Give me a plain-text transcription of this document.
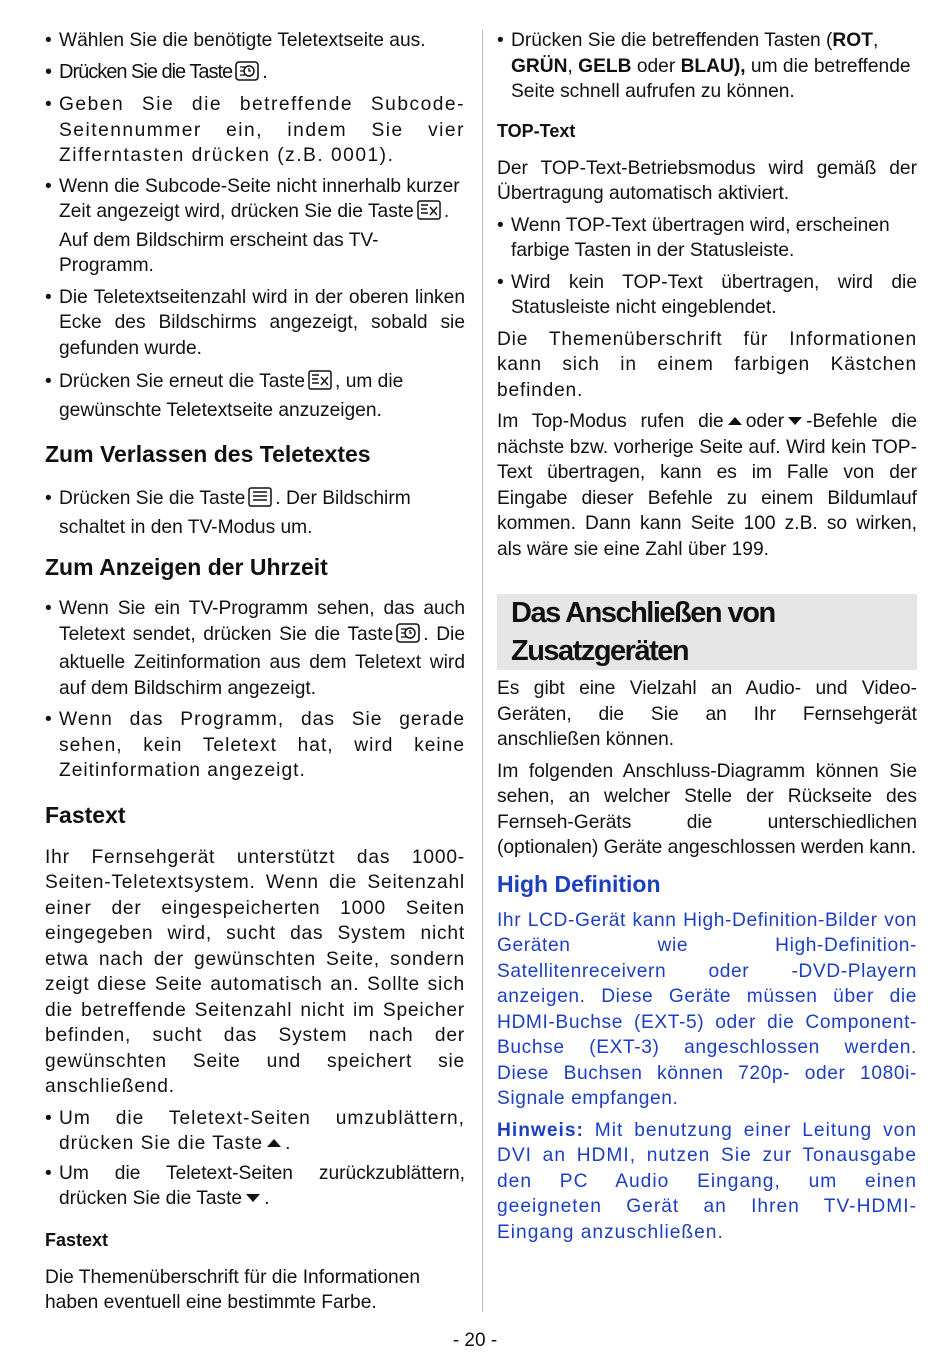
• Wählen Sie die benötigte Teletextseite aus.
• Drücken Sie die Taste .
• Geben Sie die betreffende Subcode-Seitennummer ein, indem Sie vier Zifferntasten drücken (z.B. 0001).
• Wenn die Subcode-Seite nicht innerhalb kurzer Zeit angezeigt wird, drücken Sie die Taste . Auf dem Bildschirm erscheint das TV-Programm.
• Die Teletextseitenzahl wird in der oberen linken Ecke des Bildschirms angezeigt, sobald sie gefunden wurde.
• Drücken Sie erneut die Taste , um die gewünschte Teletextseite anzuzeigen.
Zum Verlassen des Teletextes
• Drücken Sie die Taste . Der Bildschirm schaltet in den TV-Modus um.
Zum Anzeigen der Uhrzeit
• Wenn Sie ein TV-Programm sehen, das auch Teletext sendet, drücken Sie die Taste . Die aktuelle Zeitinformation aus dem Teletext wird auf dem Bildschirm angezeigt.
• Wenn das Programm, das Sie gerade sehen, kein Teletext hat, wird keine Zeitinformation angezeigt.
Fastext

Ihr Fernsehgerät unterstützt das 1000-Seiten-Teletextsystem. Wenn die Seitenzahl einer der eingespeicherten 1000 Seiten eingegeben wird, sucht das System nicht etwa nach der gewünschten Seite, sondern zeigt diese Seite automatisch an. Sollte sich die betreffende Seitenzahl nicht im Speicher befinden, sucht das System nach der gewünschten Seite und speichert sie anschließend.

• Um die Teletext-Seiten umzublättern, drücken Sie die Taste .
• Um die Teletext-Seiten zurückzublättern, drücken Sie die Taste .
Fastext

Die Themenüberschrift für die Informationen haben eventuell eine bestimmte Farbe.

• Drücken Sie die betreffenden Tasten (ROT, GRÜN, GELB oder BLAU), um die betreffende Seite schnell aufrufen zu können.
TOP-Text

Der TOP-Text-Betriebsmodus wird gemäß der Übertragung automatisch aktiviert.

• Wenn TOP-Text übertragen wird, erscheinen farbige Tasten in der Statusleiste.
• Wird kein TOP-Text übertragen, wird die Statusleiste nicht eingeblendet.

Die Themenüberschrift für Informationen kann sich in einem farbigen Kästchen befinden.

Im Top-Modus rufen die oder -Befehle die nächste bzw. vorherige Seite auf. Wird kein TOP-Text übertragen, kann es im Falle von der Eingabe dieser Befehle zu einem Bildumlauf kommen. Dann kann Seite 100 z.B. so wirken, als wäre sie eine Zahl über 199.

Das Anschließen von
Zusatzgeräten

Es gibt eine Vielzahl an Audio- und Video-Geräten, die Sie an Ihr Fernsehgerät anschließen können.

Im folgenden Anschluss-Diagramm können Sie sehen, an welcher Stelle der Rückseite des Fernseh-Geräts die unterschiedlichen (optionalen) Geräte angeschlossen werden kann.

High Definition

Ihr LCD-Gerät kann High-Definition-Bilder von Geräten wie High-Definition-Satellitenreceivern oder -DVD-Playern anzeigen. Diese Geräte müssen über die HDMI-Buchse (EXT-5) oder die Component-Buchse (EXT-3) angeschlossen werden. Diese Buchsen können 720p- oder 1080i-Signale empfangen.

Hinweis: Mit benutzung einer Leitung von DVI an HDMI, nutzen Sie zur Tonausgabe den PC Audio Eingang, um einen geeigneten Gerät an Ihren TV-HDMI-Eingang anzuschließen.

- 20 -
